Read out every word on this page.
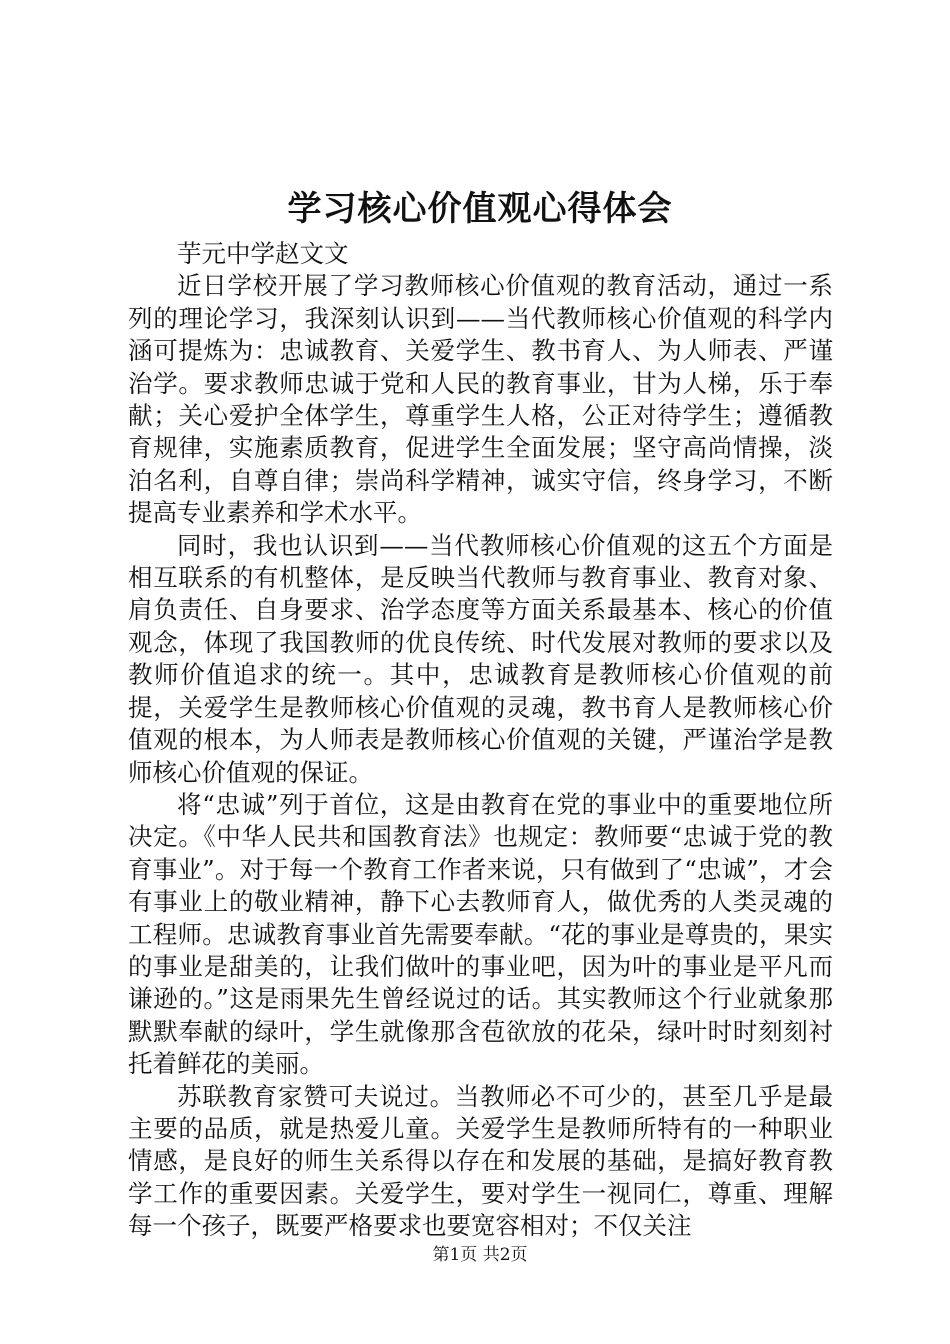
学习核心价值观心得体会
芋元中学赵文文

近日学校开展了学习教师核心价值观的教育活动，通过一系列的理论学习，我深刻认识到——当代教师核心价值观的科学内涵可提炼为：忠诚教育、关爱学生、教书育人、为人师表、严谨治学。要求教师忠诚于党和人民的教育事业，甘为人梯，乐于奉献；关心爱护全体学生，尊重学生人格，公正对待学生；遵循教育规律，实施素质教育，促进学生全面发展；坚守高尚情操，淡泊名利，自尊自律；崇尚科学精神，诚实守信，终身学习，不断提高专业素养和学术水平。

同时，我也认识到——当代教师核心价值观的这五个方面是相互联系的有机整体，是反映当代教师与教育事业、教育对象、肩负责任、自身要求、治学态度等方面关系最基本、核心的价值观念，体现了我国教师的优良传统、时代发展对教师的要求以及教师价值追求的统一。其中，忠诚教育是教师核心价值观的前提，关爱学生是教师核心价值观的灵魂，教书育人是教师核心价值观的根本，为人师表是教师核心价值观的关键，严谨治学是教师核心价值观的保证。

将“忠诚”列于首位，这是由教育在党的事业中的重要地位所决定。《中华人民共和国教育法》也规定：教师要“忠诚于党的教育事业”。对于每一个教育工作者来说，只有做到了“忠诚”，才会有事业上的敬业精神，静下心去教师育人，做优秀的人类灵魂的工程师。忠诚教育事业首先需要奉献。“花的事业是尊贵的，果实的事业是甜美的，让我们做叶的事业吧，因为叶的事业是平凡而谦逊的。”这是雨果先生曾经说过的话。其实教师这个行业就象那默默奉献的绿叶，学生就像那含苞欲放的花朵，绿叶时时刻刻衬托着鲜花的美丽。

苏联教育家赞可夫说过。当教师必不可少的，甚至几乎是最主要的品质，就是热爱儿童。关爱学生是教师所特有的一种职业情感，是良好的师生关系得以存在和发展的基础，是搞好教育教学工作的重要因素。关爱学生，要对学生一视同仁，尊重、理解每一个孩子，既要严格要求也要宽容相对；不仅关注

第1页 共2页
